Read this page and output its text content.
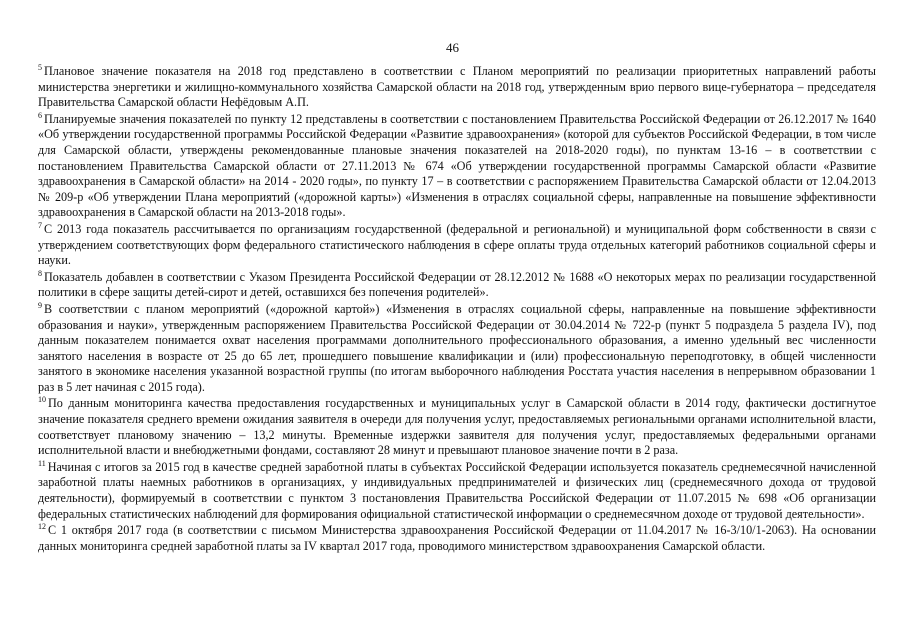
46

$^5$ Плановое значение показателя на 2018 год представлено в соответствии с Планом мероприятий по реализации приоритетных направлений работы министерства энергетики и жилищно-коммунального хозяйства Самарской области на 2018 год, утвержденным врио первого вице-губернатора – председателя Правительства Самарской области Нефёдовым А.П.

$^6$ Планируемые значения показателей по пункту 12 представлены в соответствии с постановлением Правительства Российской Федерации от 26.12.2017 № 1640 «Об утверждении государственной программы Российской Федерации «Развитие здравоохранения» (которой для субъектов Российской Федерации, в том числе для Самарской области, утверждены рекомендованные плановые значения показателей на 2018-2020 годы), по пунктам 13-16 – в соответствии с постановлением Правительства Самарской области от 27.11.2013 № 674 «Об утверждении государственной программы Самарской области «Развитие здравоохранения в Самарской области» на 2014 - 2020 годы», по пункту 17 – в соответствии с распоряжением Правительства Самарской области от 12.04.2013 № 209-р «Об утверждении Плана мероприятий («дорожной карты») «Изменения в отраслях социальной сферы, направленные на повышение эффективности здравоохранения в Самарской области на 2013-2018 годы».

$^7$ С 2013 года показатель рассчитывается по организациям государственной (федеральной и региональной) и муниципальной форм собственности в связи с утверждением соответствующих форм федерального статистического наблюдения в сфере оплаты труда отдельных категорий работников социальной сферы и науки.

$^8$ Показатель добавлен в соответствии с Указом Президента Российской Федерации от 28.12.2012 № 1688 «О некоторых мерах по реализации государственной политики в сфере защиты детей-сирот и детей, оставшихся без попечения родителей».

$^9$ В соответствии с планом мероприятий («дорожной картой») «Изменения в отраслях социальной сферы, направленные на повышение эффективности образования и науки», утвержденным распоряжением Правительства Российской Федерации от 30.04.2014 № 722-р (пункт 5 подраздела 5 раздела IV), под данным показателем понимается охват населения программами дополнительного профессионального образования, а именно удельный вес численности занятого населения в возрасте от 25 до 65 лет, прошедшего повышение квалификации и (или) профессиональную переподготовку, в общей численности занятого в экономике населения указанной возрастной группы (по итогам выборочного наблюдения Росстата участия населения в непрерывном образовании 1 раз в 5 лет начиная с 2015 года).

$^{10}$ По данным мониторинга качества предоставления государственных и муниципальных услуг в Самарской области в 2014 году, фактически достигнутое значение показателя среднего времени ожидания заявителя в очереди для получения услуг, предоставляемых региональными органами исполнительной власти, соответствует плановому значению – 13,2 минуты. Временные издержки заявителя для получения услуг, предоставляемых федеральными органами исполнительной власти и внебюджетными фондами, составляют 28 минут и превышают плановое значение почти в 2 раза.

$^{11}$ Начиная с итогов за 2015 год в качестве средней заработной платы в субъектах Российской Федерации используется показатель среднемесячной начисленной заработной платы наемных работников в организациях, у индивидуальных предпринимателей и физических лиц (среднемесячного дохода от трудовой деятельности), формируемый в соответствии с пунктом 3 постановления Правительства Российской Федерации от 11.07.2015 № 698 «Об организации федеральных статистических наблюдений для формирования официальной статистической информации о среднемесячном доходе от трудовой деятельности».

$^{12}$ С 1 октября 2017 года (в соответствии с письмом Министерства здравоохранения Российской Федерации от 11.04.2017 № 16-3/10/1-2063). На основании данных мониторинга средней заработной платы за IV квартал 2017 года, проводимого министерством здравоохранения Самарской области.
